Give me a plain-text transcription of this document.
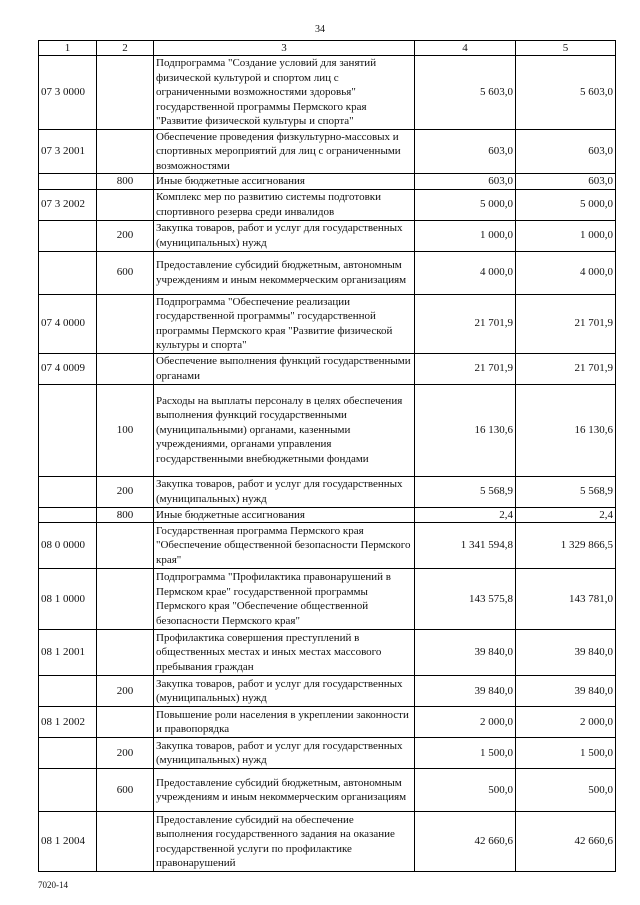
34
1	2	3	4	5
07 3 0000		Подпрограмма "Создание условий для занятий физической культурой и спортом лиц с ограниченными возможностями здоровья" государственной программы Пермского края "Развитие физической культуры и спорта"	5 603,0	5 603,0
07 3 2001		Обеспечение проведения физкультурно-массовых и спортивных мероприятий для лиц с ограниченными возможностями	603,0	603,0
	800	Иные бюджетные ассигнования	603,0	603,0
07 3 2002		Комплекс мер по развитию системы подготовки спортивного резерва среди инвалидов	5 000,0	5 000,0
	200	Закупка товаров, работ и услуг для государственных (муниципальных) нужд	1 000,0	1 000,0
	600	Предоставление субсидий бюджетным, автономным учреждениям и иным некоммерческим организациям	4 000,0	4 000,0
07 4 0000		Подпрограмма "Обеспечение реализации государственной программы" государственной программы Пермского края "Развитие физической культуры и спорта"	21 701,9	21 701,9
07 4 0009		Обеспечение выполнения функций государственными органами	21 701,9	21 701,9
	100	Расходы на выплаты персоналу в целях обеспечения выполнения функций государственными (муниципальными) органами, казенными учреждениями, органами управления государственными внебюджетными фондами	16 130,6	16 130,6
	200	Закупка товаров, работ и услуг для государственных (муниципальных) нужд	5 568,9	5 568,9
	800	Иные бюджетные ассигнования	2,4	2,4
08 0 0000		Государственная программа Пермского края "Обеспечение общественной безопасности Пермского края"	1 341 594,8	1 329 866,5
08 1 0000		Подпрограмма "Профилактика правонарушений в Пермском крае" государственной программы Пермского края "Обеспечение общественной безопасности Пермского края"	143 575,8	143 781,0
08 1 2001		Профилактика совершения преступлений в общественных местах и иных местах массового пребывания граждан	39 840,0	39 840,0
	200	Закупка товаров, работ и услуг для государственных (муниципальных) нужд	39 840,0	39 840,0
08 1 2002		Повышение роли населения в укреплении законности и правопорядка	2 000,0	2 000,0
	200	Закупка товаров, работ и услуг для государственных (муниципальных) нужд	1 500,0	1 500,0
	600	Предоставление субсидий бюджетным, автономным учреждениям и иным некоммерческим организациям	500,0	500,0
08 1 2004		Предоставление субсидий на обеспечение выполнения государственного задания на оказание государственной услуги по профилактике правонарушений	42 660,6	42 660,6
7020-14
